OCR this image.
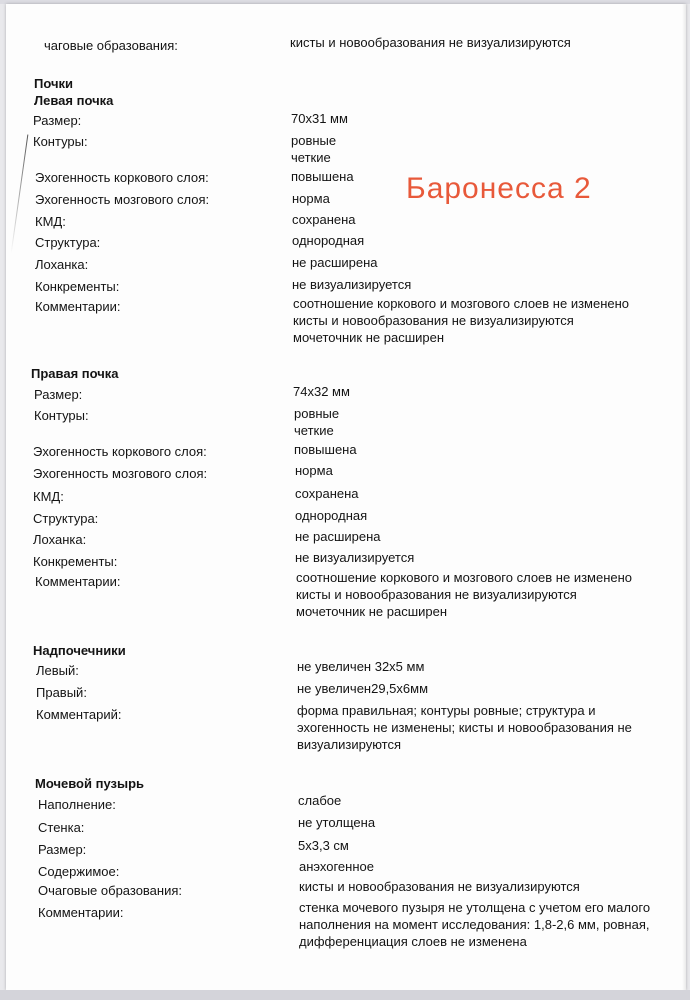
чаговые образования:	кисты и новообразования не визуализируются
Почки
Левая почка
Размер:	70х31 мм
Контуры:	ровные
четкие
Эхогенность коркового слоя:	повышена
Эхогенность мозгового слоя:	норма
КМД:	сохранена
Структура:	однородная
Лоханка:	не расширена
Конкременты:	не визуализируется
Комментарии:	соотношение коркового и мозгового слоев не изменено
кисты и новообразования не визуализируются
мочеточник не расширен
Правая почка
Размер:	74х32 мм
Контуры:	ровные
четкие
Эхогенность коркового слоя:	повышена
Эхогенность мозгового слоя:	норма
КМД:	сохранена
Структура:	однородная
Лоханка:	не расширена
Конкременты:	не визуализируется
Комментарии:	соотношение коркового и мозгового слоев не изменено
кисты и новообразования не визуализируются
мочеточник не расширен
Надпочечники
Левый:	не увеличен 32х5 мм
Правый:	не увеличен29,5х6мм
Комментарий:	форма правильная; контуры ровные; структура и
эхогенность не изменены; кисты и новообразования не
визуализируются
Мочевой пузырь
Наполнение:	слабое
Стенка:	не утолщена
Размер:	5х3,3 см
Содержимое:	анэхогенное
Очаговые образования:	кисты и новообразования не визуализируются
Комментарии:	стенка мочевого пузыря не утолщена с учетом его малого
наполнения на момент исследования: 1,8-2,6 мм, ровная,
дифференциация слоев не изменена
Баронесса 2
